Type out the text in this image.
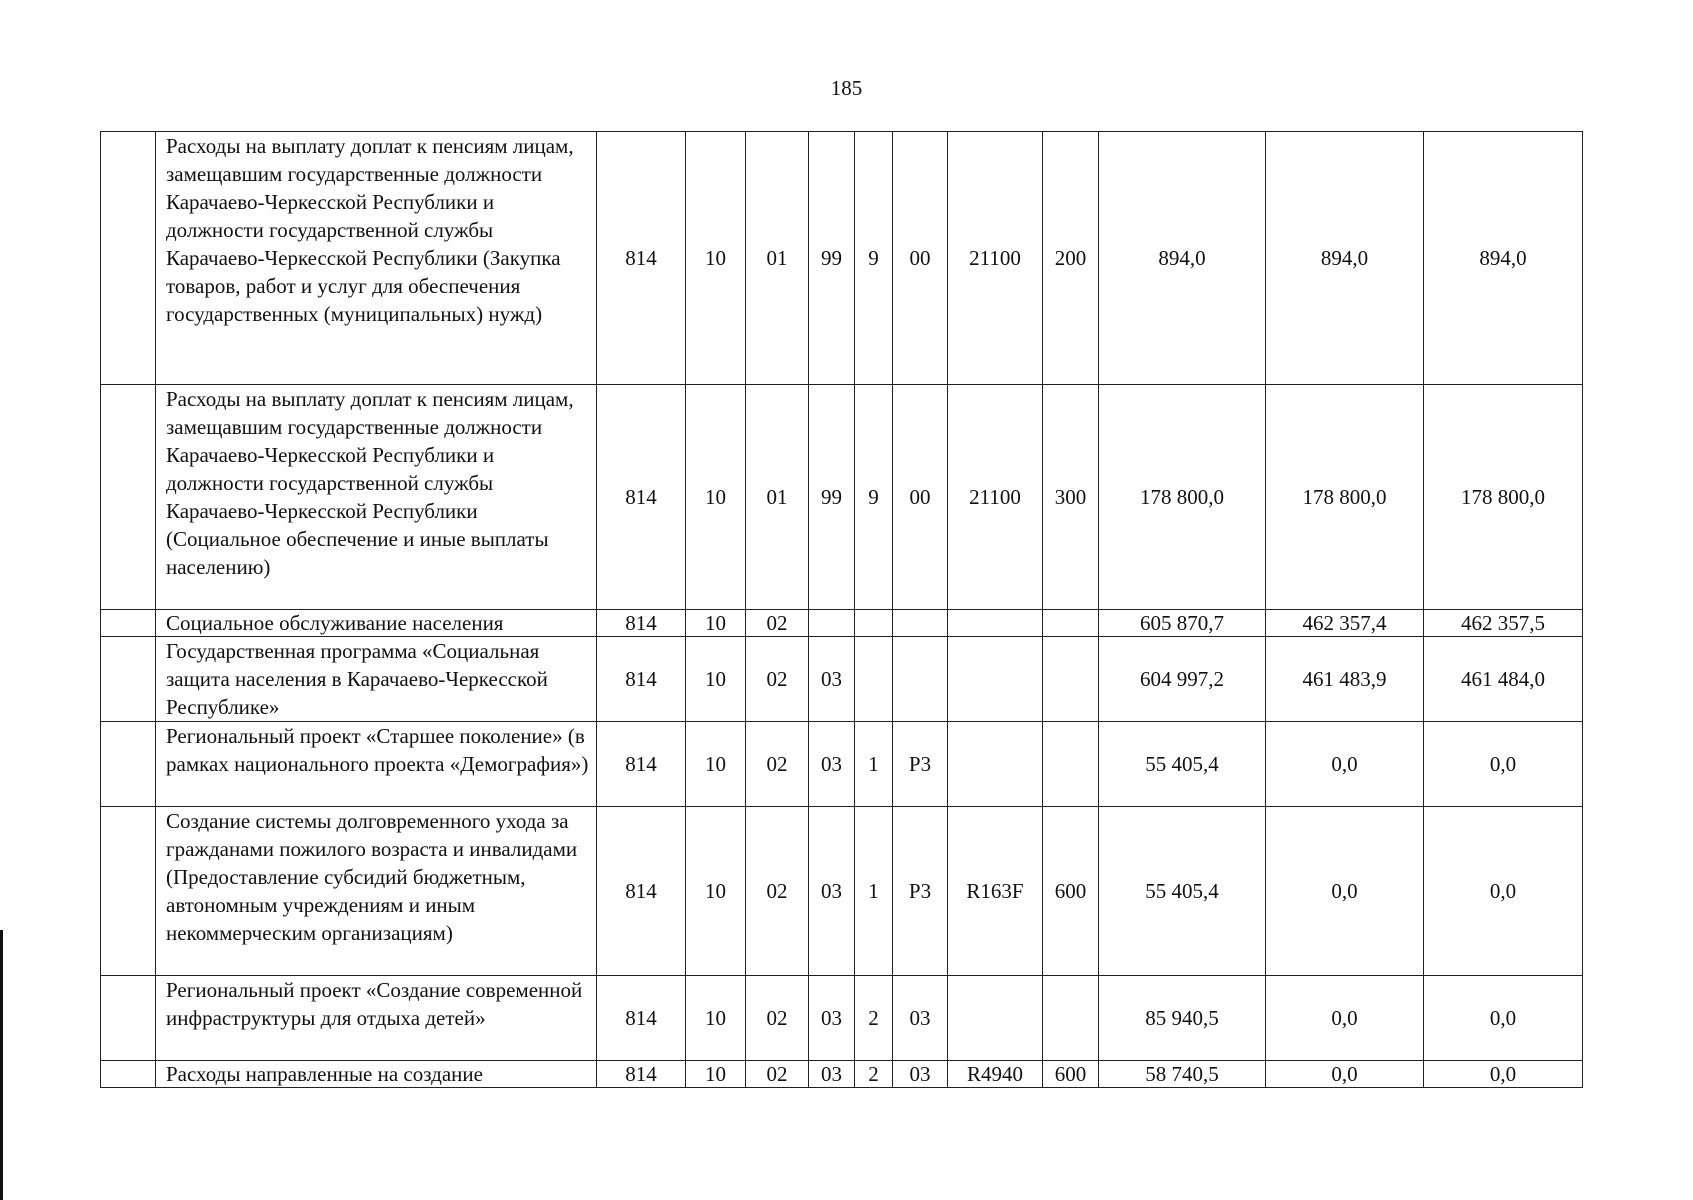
185
	Расходы на выплату доплат к пенсиям лицам, замещавшим государственные должности Карачаево-Черкесской Республики и должности государственной службы Карачаево-Черкесской Республики (Закупка товаров, работ и услуг для обеспечения государственных (муниципальных) нужд)	814	10	01	99	9	00	21100	200	894,0	894,0	894,0
	Расходы на выплату доплат к пенсиям лицам, замещавшим государственные должности Карачаево-Черкесской Республики и должности государственной службы Карачаево-Черкесской Республики (Социальное обеспечение и иные выплаты населению)	814	10	01	99	9	00	21100	300	178 800,0	178 800,0	178 800,0
	Социальное обслуживание населения	814	10	02						605 870,7	462 357,4	462 357,5
	Государственная программа «Социальная защита населения в Карачаево-Черкесской Республике»	814	10	02	03					604 997,2	461 483,9	461 484,0
	Региональный проект «Старшее поколение» (в рамках национального проекта «Демография»)	814	10	02	03	1	P3			55 405,4	0,0	0,0
	Создание системы долговременного ухода за гражданами пожилого возраста и инвалидами (Предоставление субсидий бюджетным, автономным учреждениям и иным некоммерческим организациям)	814	10	02	03	1	P3	R163F	600	55 405,4	0,0	0,0
	Региональный проект «Создание современной инфраструктуры для отдыха детей»	814	10	02	03	2	03			85 940,5	0,0	0,0
	Расходы направленные на создание	814	10	02	03	2	03	R4940	600	58 740,5	0,0	0,0
